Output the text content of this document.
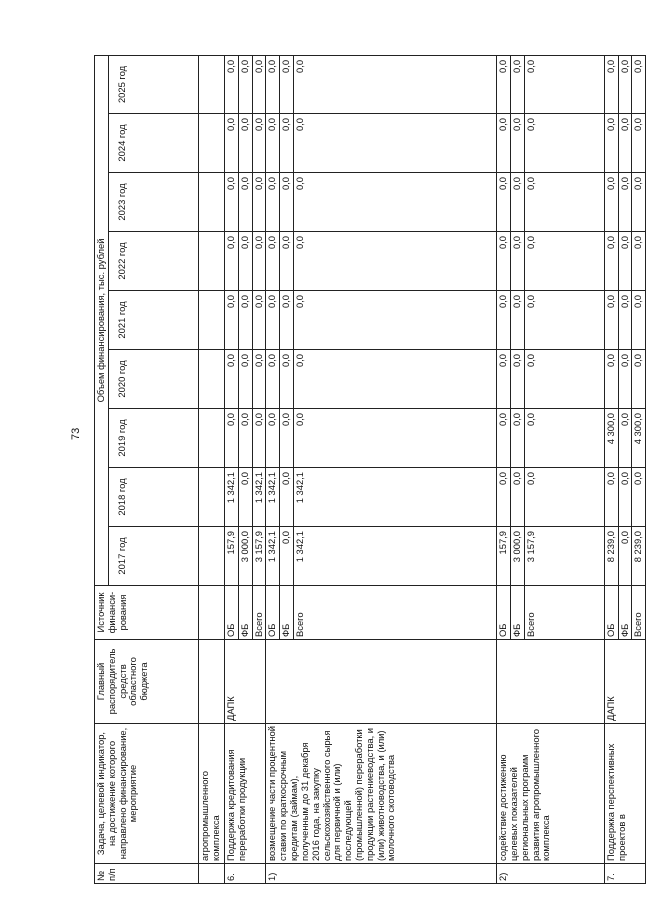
73
№ п/п	Задача, целевой индикатор, на достижение которого направлено финансирование, мероприятие	Главный распорядитель средств областного бюджета	Источник финанси-рования	Объем финансирования, тыс. рублей								
				2017 год	2018 год	2019 год	2020 год	2021 год	2022 год	2023 год	2024 год	2025 год
	агропромышленного комплекса											
6.	Поддержка кредитования переработки продукции	ДАПК	ОБ	157,9	1 342,1	0,0	0,0	0,0	0,0	0,0	0,0	0,0
			ФБ	3 000,0	0,0	0,0	0,0	0,0	0,0	0,0	0,0	0,0
			Всего	3 157,9	1 342,1	0,0	0,0	0,0	0,0	0,0	0,0	0,0
1)	возмещение части процентной ставки по краткосрочным кредитам (займам), полученным до 31 декабря 2016 года, на закупку сельскохозяйственного сырья для первичной и (или) последующей (промышленной) переработки продукции растениеводства, и (или) животноводства, и (или) молочного скотоводства		ОБ	1 342,1	1 342,1	0,0	0,0	0,0	0,0	0,0	0,0	0,0
			ФБ	0,0	0,0	0,0	0,0	0,0	0,0	0,0	0,0	0,0
			Всего	1 342,1	1 342,1	0,0	0,0	0,0	0,0	0,0	0,0	0,0
2)	содействие достижению целевых показателей региональных программ развития агропромышленного комплекса		ОБ	157,9	0,0	0,0	0,0	0,0	0,0	0,0	0,0	0,0
			ФБ	3 000,0	0,0	0,0	0,0	0,0	0,0	0,0	0,0	0,0
			Всего	3 157,9	0,0	0,0	0,0	0,0	0,0	0,0	0,0	0,0
7.	Поддержка перспективных проектов в	ДАПК	ОБ	8 239,0	0,0	4 300,0	0,0	0,0	0,0	0,0	0,0	0,0
			ФБ	0,0	0,0	0,0	0,0	0,0	0,0	0,0	0,0	0,0
			Всего	8 239,0	0,0	4 300,0	0,0	0,0	0,0	0,0	0,0	0,0
